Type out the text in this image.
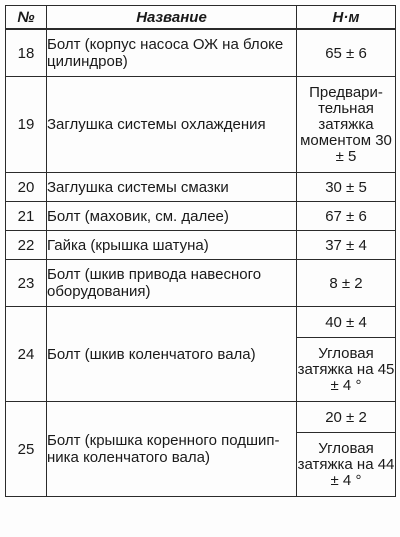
№	Название	Н·м
18	Болт (корпус насоса ОЖ на блоке цилиндров)	65 ± 6
19	Заглушка системы охлаждения	Предвари-тельная затяжка моментом 30 ± 5
20	Заглушка системы смазки	30 ± 5
21	Болт (маховик, см. далее)	67 ± 6
22	Гайка (крышка шатуна)	37 ± 4
23	Болт (шкив привода навесного оборудования)	8 ± 2
24	Болт (шкив коленчатого вала)	40 ± 4
		Угловая затяжка на 45 ± 4 °
25	Болт (крышка коренного подшип-ника коленчатого вала)	20 ± 2
		Угловая затяжка на 44 ± 4 °
